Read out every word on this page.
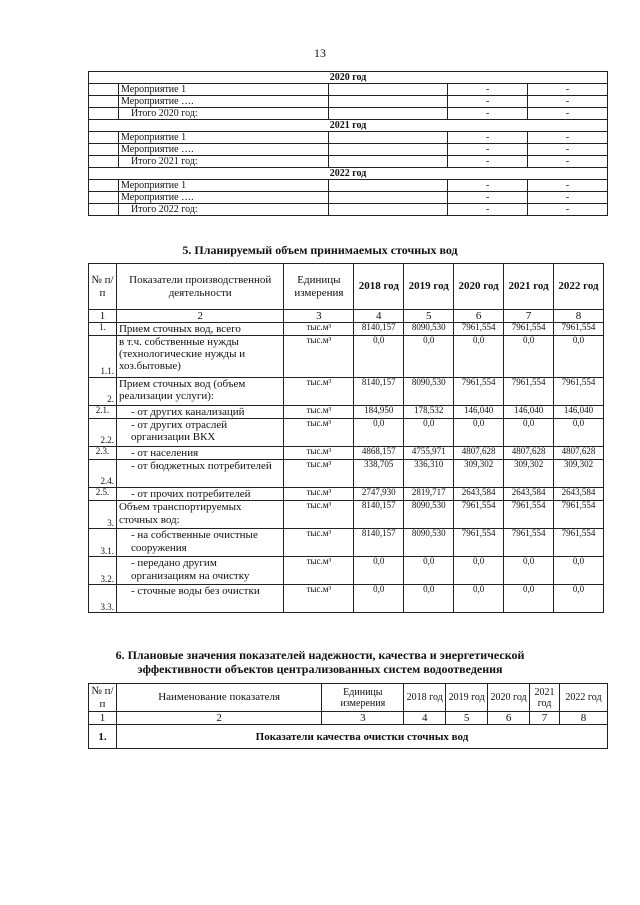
13
2020 год				
	Мероприятие 1		-	-
	Мероприятие ….		-	-
	Итого 2020 год:		-	-
2021 год				
	Мероприятие 1		-	-
	Мероприятие ….		-	-
	Итого 2021 год:		-	-
2022 год				
	Мероприятие 1		-	-
	Мероприятие ….		-	-
	Итого 2022 год:		-	-
5. Планируемый объем принимаемых сточных вод
№ п/п	Показатели производственной деятельности	Единицы измерения	2018 год	2019 год	2020 год	2021 год	2022 год
1	2	3	4	5	6	7	8
1.	Прием сточных вод, всего	тыс.м³	8140,157	8090,530	7961,554	7961,554	7961,554
1.1.	в т.ч. собственные нужды (технологические нужды и хоз.бытовые)	тыс.м³	0,0	0,0	0,0	0,0	0,0
2.	Прием сточных вод (объем реализации услуги):	тыс.м³	8140,157	8090,530	7961,554	7961,554	7961,554
2.1.	- от других канализаций	тыс.м³	184,950	178,532	146,040	146,040	146,040
2.2.	- от других отраслей организации ВКХ	тыс.м³	0,0	0,0	0,0	0,0	0,0
2.3.	- от населения	тыс.м³	4868,157	4755,971	4807,628	4807,628	4807,628
2.4.	- от бюджетных потребителей	тыс.м³	338,705	336,310	309,302	309,302	309,302
2.5.	- от прочих потребителей	тыс.м³	2747,930	2819,717	2643,584	2643,584	2643,584
3.	Объем транспортируемых сточных вод:	тыс.м³	8140,157	8090,530	7961,554	7961,554	7961,554
3.1.	- на собственные очистные сооружения	тыс.м³	8140,157	8090,530	7961,554	7961,554	7961,554
3.2.	- передано другим организациям на очистку	тыс.м³	0,0	0,0	0,0	0,0	0,0
3.3.	- сточные воды без очистки	тыс.м³	0,0	0,0	0,0	0,0	0,0
6. Плановые значения показателей надежности, качества и энергетической
эффективности объектов централизованных систем водоотведения
№ п/п	Наименование показателя	Единицы измерения	2018 год	2019 год	2020 год	2021 год	2022 год
1	2	3	4	5	6	7	8
1.	Показатели качества очистки сточных вод						
